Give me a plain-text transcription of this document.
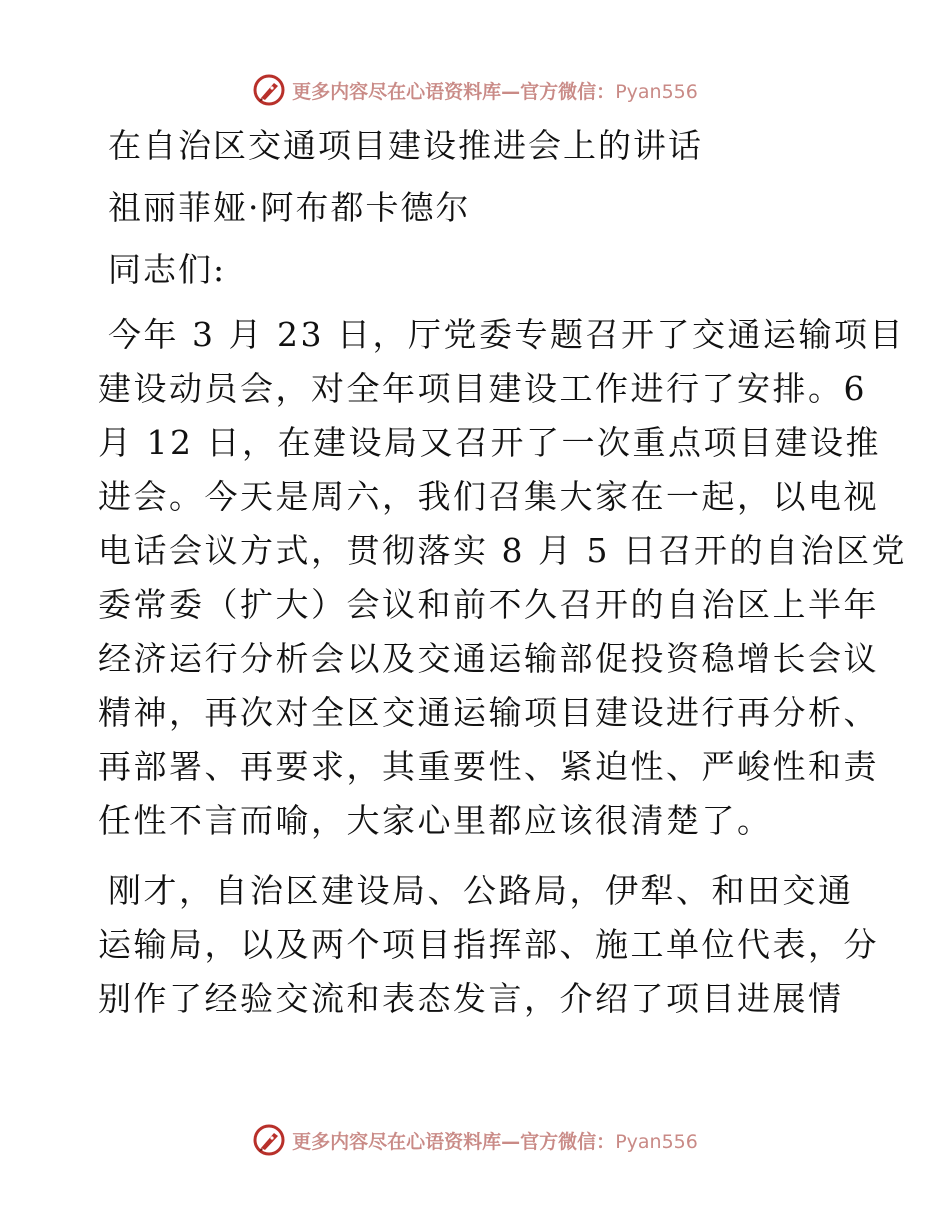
更多内容尽在心语资料库—官方微信：Pyan556
在自治区交通项目建设推进会上的讲话
祖丽菲娅·阿布都卡德尔
同志们:
今年 3 月 23 日，厅党委专题召开了交通运输项目
建设动员会，对全年项目建设工作进行了安排。6
月 12 日，在建设局又召开了一次重点项目建设推
进会。今天是周六，我们召集大家在一起，以电视
电话会议方式，贯彻落实 8 月 5 日召开的自治区党
委常委（扩大）会议和前不久召开的自治区上半年
经济运行分析会以及交通运输部促投资稳增长会议
精神，再次对全区交通运输项目建设进行再分析、
再部署、再要求，其重要性、紧迫性、严峻性和责
任性不言而喻，大家心里都应该很清楚了。
刚才，自治区建设局、公路局，伊犁、和田交通
运输局，以及两个项目指挥部、施工单位代表，分
别作了经验交流和表态发言，介绍了项目进展情
更多内容尽在心语资料库—官方微信：Pyan556
